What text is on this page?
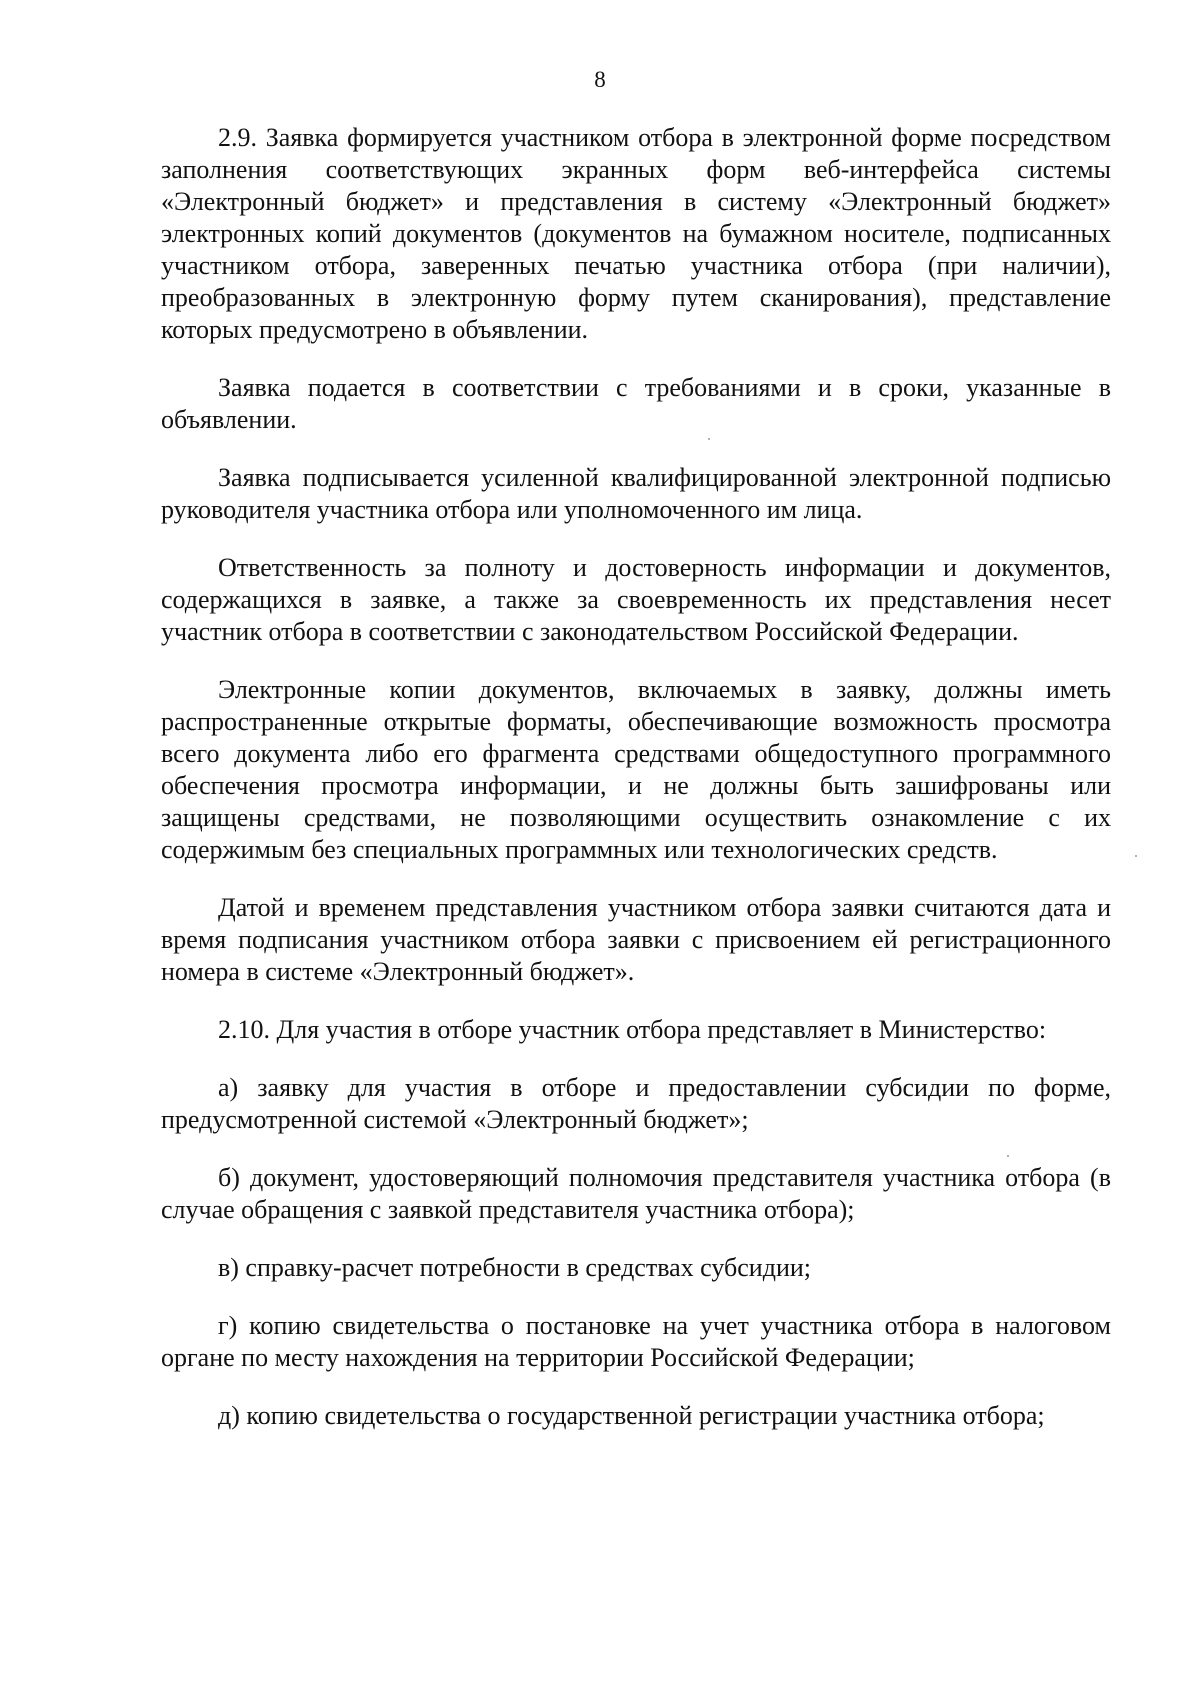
8

2.9. Заявка формируется участником отбора в электронной форме посредством заполнения соответствующих экранных форм веб-интерфейса системы «Электронный бюджет» и представления в систему «Электронный бюджет» электронных копий документов (документов на бумажном носителе, подписанных участником отбора, заверенных печатью участника отбора (при наличии), преобразованных в электронную форму путем сканирования), представление которых предусмотрено в объявлении.

Заявка подается в соответствии с требованиями и в сроки, указанные в объявлении.

Заявка подписывается усиленной квалифицированной электронной подписью руководителя участника отбора или уполномоченного им лица.

Ответственность за полноту и достоверность информации и документов, содержащихся в заявке, а также за своевременность их представления несет участник отбора в соответствии с законодательством Российской Федерации.

Электронные копии документов, включаемых в заявку, должны иметь распространенные открытые форматы, обеспечивающие возможность просмотра всего документа либо его фрагмента средствами общедоступного программного обеспечения просмотра информации, и не должны быть зашифрованы или защищены средствами, не позволяющими осуществить ознакомление с их содержимым без специальных программных или технологических средств.

Датой и временем представления участником отбора заявки считаются дата и время подписания участником отбора заявки с присвоением ей регистрационного номера в системе «Электронный бюджет».

2.10. Для участия в отборе участник отбора представляет в Министерство:

а) заявку для участия в отборе и предоставлении субсидии по форме, предусмотренной системой «Электронный бюджет»;

б) документ, удостоверяющий полномочия представителя участника отбора (в случае обращения с заявкой представителя участника отбора);

в) справку-расчет потребности в средствах субсидии;

г) копию свидетельства о постановке на учет участника отбора в налоговом органе по месту нахождения на территории Российской Федерации;

д) копию свидетельства о государственной регистрации участника отбора;
